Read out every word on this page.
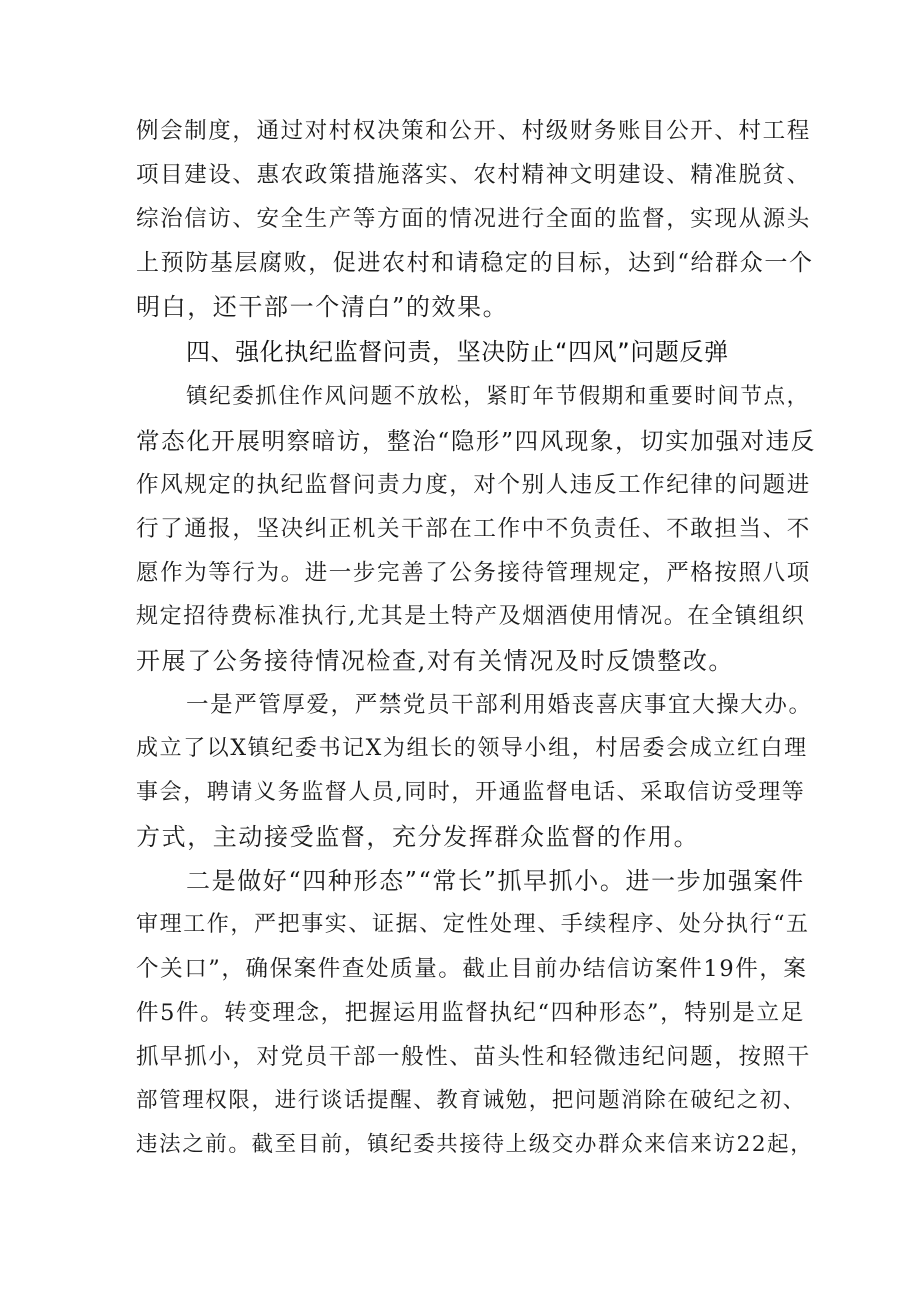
例会制度，通过对村权决策和公开、村级财务账目公开、村工程
项目建设、惠农政策措施落实、农村精神文明建设、精准脱贫、
综治信访、安全生产等方面的情况进行全面的监督，实现从源头
上预防基层腐败，促进农村和请稳定的目标，达到“给群众一个
明白，还干部一个清白”的效果。
四、强化执纪监督问责，坚决防止“四风”问题反弹
镇纪委抓住作风问题不放松，紧盯年节假期和重要时间节点，
常态化开展明察暗访，整治“隐形”四风现象，切实加强对违反
作风规定的执纪监督问责力度，对个别人违反工作纪律的问题进
行了通报，坚决纠正机关干部在工作中不负责任、不敢担当、不
愿作为等行为。进一步完善了公务接待管理规定，严格按照八项
规定招待费标准执行,尤其是土特产及烟酒使用情况。在全镇组织
开展了公务接待情况检查,对有关情况及时反馈整改。
一是严管厚爱，严禁党员干部利用婚丧喜庆事宜大操大办。
成立了以X镇纪委书记X为组长的领导小组，村居委会成立红白理
事会，聘请义务监督人员,同时，开通监督电话、采取信访受理等
方式，主动接受监督，充分发挥群众监督的作用。
二是做好“四种形态”“常长”抓早抓小。进一步加强案件
审理工作，严把事实、证据、定性处理、手续程序、处分执行“五
个关口”，确保案件查处质量。截止目前办结信访案件19件，案
件5件。转变理念，把握运用监督执纪“四种形态”，特别是立足
抓早抓小，对党员干部一般性、苗头性和轻微违纪问题，按照干
部管理权限，进行谈话提醒、教育诫勉，把问题消除在破纪之初、
违法之前。截至目前，镇纪委共接待上级交办群众来信来访22起，
